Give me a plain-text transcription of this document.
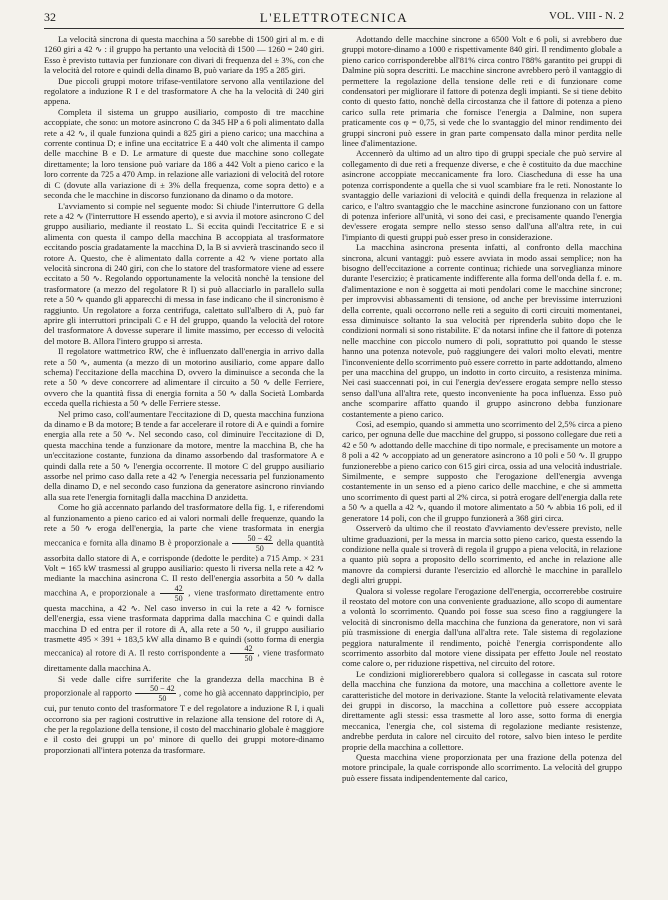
32	L'ELETTROTECNICA	VOL. VIII - N. 2

La velocità sincrona di questa macchina a 50 sarebbe di 1500 giri al m. e di 1260 giri a 42 ∿ : il gruppo ha pertanto una velocità di 1500 — 1260 = 240 giri. Esso è previsto tuttavia per funzionare con divari di frequenza del ± 3%, con che la velocità del rotore e quindi della dinamo B, può variare da 195 a 285 giri.

Due piccoli gruppi motore trifase-ventilatore servono alla ventilazione del regolatore a induzione R I e del trasformatore A che ha la velocità di 240 giri appena.

Completa il sistema un gruppo ausiliario, composto di tre macchine accoppiate, che sono: un motore asincrono C da 345 HP a 6 poli alimentato dalla rete a 42 ∿, il quale funziona quindi a 825 giri a pieno carico; una macchina a corrente continua D; e infine una eccitatrice E a 440 volt che alimenta il campo delle macchine B e D. Le armature di queste due macchine sono collegate direttamente; la loro tensione può variare da 186 a 442 Volt a pieno carico e la loro corrente da 725 a 470 Amp. in relazione alle variazioni di velocità del rotore di C (dovute alla variazione di ± 3% della frequenza, come sopra detto) e a seconda che le macchine in discorso funzionano da dinamo o da motore.

L'avviamento si compie nel seguente modo: Si chiude l'interruttore G della rete a 42 ∿ (l'interruttore H essendo aperto), e si avvia il motore asincrono C del gruppo ausiliario, mediante il reostato L. Si eccita quindi l'eccitatrice E e si alimenta con questa il campo della macchina B accoppiata al trasformatore eccitando poscia gradatamente la macchina D, la B si avvierà trascinando seco il rotore A. Questo, che è alimentato dalla corrente a 42 ∿ viene portato alla velocità sincrona di 240 giri, con che lo statore del trasformatore viene ad essere eccitato a 50 ∿. Regolando opportunamente la velocità nonchè la tensione del trasformatore (a mezzo del regolatore R I) si può allacciarlo in parallelo sulla rete a 50 ∿ quando gli apparecchi di messa in fase indicano che il sincronismo è raggiunto. Un regolatore a forza centrifuga, calettato sull'albero di A, può far aprire gli interruttori principali C e H del gruppo, quando la velocità del rotore del trasformatore A dovesse superare il limite massimo, per eccesso di velocità del motore B. Allora l'intero gruppo si arresta.

Il regolatore wattmetrico RW, che è influenzato dall'energia in arrivo dalla rete a 50 ∿, aumenta (a mezzo di un motorino ausiliario, come appare dallo schema) l'eccitazione della macchina D, ovvero la diminuisce a seconda che la rete a 50 ∿ deve concorrere ad alimentare il circuito a 50 ∿ delle Ferriere, ovvero che la quantità fissa di energia fornita a 50 ∿ dalla Società Lombarda ecceda quella richiesta a 50 ∿ delle Ferriere stesse.

Nel primo caso, coll'aumentare l'eccitazione di D, questa macchina funziona da dinamo e B da motore; B tende a far accelerare il rotore di A e quindi a fornire energia alla rete a 50 ∿. Nel secondo caso, col diminuire l'eccitazione di D, questa macchina tende a funzionare da motore, mentre la macchina B, che ha un'eccitazione costante, funziona da dinamo assorbendo dal trasformatore A e quindi dalla rete a 50 ∿ l'energia occorrente. Il motore C del gruppo ausiliario assorbe nel primo caso dalla rete a 42 ∿ l'energia necessaria pel funzionamento della dinamo D, e nel secondo caso funziona da generatore asincrono rinviando alla sua rete l'energia fornitagli dalla macchina D anzidetta.

Come ho già accennato parlando del trasformatore della fig. 1, e riferendomi al funzionamento a pieno carico ed ai valori normali delle frequenze, quando la rete a 50 ∿ eroga dell'energia, la parte che viene trasformata in energia meccanica e fornita alla dinamo B è proporzionale a $\frac{50 - 42}{50}$ della quantità assorbita dallo statore di A, e corrisponde (dedotte le perdite) a 715 Amp. × 231 Volt = 165 kW trasmessi al gruppo ausiliario: questo li riversa nella rete a 42 ∿ mediante la macchina asincrona C. Il resto dell'energia assorbita a 50 ∿ dalla macchina A, e proporzionale a $\frac{42}{50}$ , viene trasformato direttamente entro questa macchina, a 42 ∿. Nel caso inverso in cui la rete a 42 ∿ fornisce dell'energia, essa viene trasformata dapprima dalla macchina C e quindi dalla macchina D ed entra per il rotore di A, alla rete a 50 ∿, il gruppo ausiliario trasmette 495 × 391 + 183,5 kW alla dinamo B e quindi (sotto forma di energia meccanica) al rotore di A. Il resto corrispondente a $\frac{42}{50}$ , viene trasformato direttamente dalla macchina A.

Si vede dalle cifre surriferite che la grandezza della macchina B è proporzionale al rapporto $\frac{50 - 42}{50}$ , come ho già accennato dapprincipio, per cui, pur tenuto conto del trasformatore T e del regolatore a induzione R I, i quali occorrono sia per ragioni costruttive in relazione alla tensione del rotore di A, che per la regolazione della tensione, il costo del macchinario globale è maggiore e il costo dei gruppi un po' minore di quello dei gruppi motore-dinamo proporzionati all'intera potenza da trasformare.

Adottando delle macchine sincrone a 6500 Volt e 6 poli, si avrebbero due gruppi motore-dinamo a 1000 e rispettivamente 840 giri. Il rendimento globale a pieno carico corrisponderebbe all'81% circa contro l'88% garantito pei gruppi di Dalmine più sopra descritti. Le macchine sincrone avrebbero però il vantaggio di permettere la regolazione della tensione delle reti e di funzionare come condensatori per migliorare il fattore di potenza degli impianti. Se si tiene debito conto di questo fatto, nonchè della circostanza che il fattore di potenza a pieno carico sulla rete primaria che fornisce l'energia a Dalmine, non supera praticamente cos φ = 0,75, si vede che lo svantaggio del minor rendimento dei gruppi sincroni può essere in gran parte compensato dalla minor perdita nelle linee d'alimentazione.

Accennerò da ultimo ad un altro tipo di gruppi speciale che può servire al collegamento di due reti a frequenze diverse, e che è costituito da due macchine asincrone accoppiate meccanicamente fra loro. Ciascheduna di esse ha una potenza corrispondente a quella che si vuol scambiare fra le reti. Nonostante lo svantaggio delle variazioni di velocità e quindi della frequenza in relazione al carico, e l'altro svantaggio che le macchine asincrone funzionano con un fattore di potenza inferiore all'unità, vi sono dei casi, e precisamente quando l'energia dev'essere erogata sempre nello stesso senso dall'una all'altra rete, in cui l'impianto di questi gruppi può esser preso in considerazione.

La macchina asincrona presenta infatti, al confronto della macchina sincrona, alcuni vantaggi: può essere avviata in modo assai semplice; non ha bisogno dell'eccitazione a corrente continua; richiede una sorveglianza minore durante l'esercizio; è praticamente indifferente alla forma dell'onda della f. e. m. d'alimentazione e non è soggetta ai moti pendolari come le macchine sincrone; per improvvisi abbassamenti di tensione, od anche per brevissime interruzioni della corrente, quali occorrono nelle reti a seguito di corti circuiti momentanei, essa diminuisce soltanto la sua velocità per riprenderla subito dopo che le condizioni normali si sono ristabilite. E' da notarsi infine che il fattore di potenza nelle macchine con piccolo numero di poli, soprattutto poi quando le stesse hanno una potenza notevole, può raggiungere dei valori molto elevati, mentre l'inconveniente dello scorrimento può essere corretto in parte addottando, almeno per una macchina del gruppo, un indotto in corto circuito, a resistenza minima. Nei casi suaccennati poi, in cui l'energia dev'essere erogata sempre nello stesso senso dall'una all'altra rete, questo inconveniente ha poca influenza. Esso può anche scomparire affatto quando il gruppo asincrono debba funzionare costantemente a pieno carico.

Così, ad esempio, quando si ammetta uno scorrimento del 2,5% circa a pieno carico, per ognuna delle due macchine del gruppo, si possono collegare due reti a 42 e 50 ∿ adottando delle macchine di tipo normale, e precisamente un motore a 8 poli a 42 ∿ accoppiato ad un generatore asincrono a 10 poli e 50 ∿. Il gruppo funzionerebbe a pieno carico con 615 giri circa, ossia ad una velocità industriale. Similmente, e sempre supposto che l'erogazione dell'energia avvenga costantemente in un senso ed a pieno carico delle macchine, e che si ammetta uno scorrimento di quest parti al 2% circa, si potrà erogare dell'energia dalla rete a 50 ∿ a quella a 42 ∿, quando il motore alimentato a 50 ∿ abbia 16 poli, ed il generatore 14 poli, con che il gruppo funzionerà a 368 giri circa.

Osserverò da ultimo che il reostato d'avviamento dev'essere previsto, nelle ultime graduazioni, per la messa in marcia sotto pieno carico, questa essendo la condizione nella quale si troverà di regola il gruppo a piena velocità, in relazione a quanto più sopra a proposito dello scorrimento, ed anche in relazione alle manovre da compiersi durante l'esercizio ed allorchè le macchine in parallelo degli altri gruppi.

Qualora si volesse regolare l'erogazione dell'energia, occorrerebbe costruire il reostato del motore con una conveniente graduazione, allo scopo di aumentare a volontà lo scorrimento. Quando poi fosse sua sceso fino a raggiungere la velocità di sincronismo della macchina che funziona da generatore, non vi sarà più trasmissione di energia dall'una all'altra rete. Tale sistema di regolazione peggiora naturalmente il rendimento, poichè l'energia corrispondente allo scorrimento assorbito dal motore viene dissipata per effetto Joule nel reostato come calore o, per riduzione rispettiva, nel circuito del rotore.

Le condizioni migliorerebbero qualora si collegasse in cascata sul rotore della macchina che funziona da motore, una macchina a collettore avente le caratteristiche del motore in derivazione. Stante la velocità relativamente elevata dei gruppi in discorso, la macchina a collettore può essere accoppiata direttamente agli stessi: essa trasmette al loro asse, sotto forma di energia meccanica, l'energia che, col sistema di regolazione mediante resistenze, andrebbe perduta in calore nel circuito del rotore, salvo bien inteso le perdite proprie della macchina a collettore.

Questa macchina viene proporzionata per una frazione della potenza del motore principale, la quale corrisponde allo scorrimento. La velocità del gruppo può essere fissata indipendentemente dal carico,
